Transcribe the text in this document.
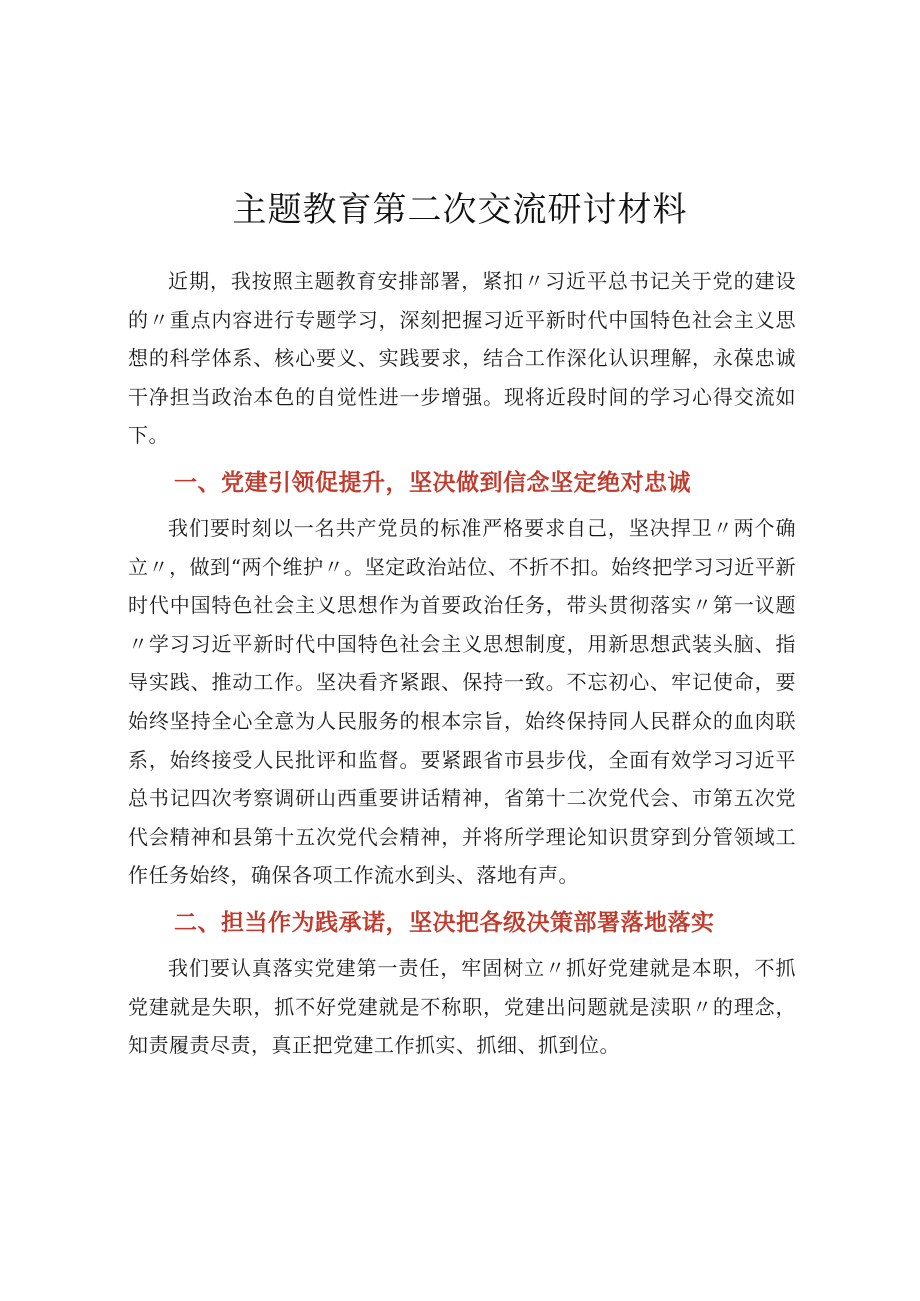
主题教育第二次交流研讨材料

近期，我按照主题教育安排部署，紧扣〃习近平总书记关于党的建设的〃重点内容进行专题学习，深刻把握习近平新时代中国特色社会主义思想的科学体系、核心要义、实践要求，结合工作深化认识理解，永葆忠诚干净担当政治本色的自觉性进一步增强。现将近段时间的学习心得交流如下。

一、党建引领促提升，坚决做到信念坚定绝对忠诚

我们要时刻以一名共产党员的标准严格要求自己，坚决捍卫〃两个确立〃，做到“两个维护〃。坚定政治站位、不折不扣。始终把学习习近平新时代中国特色社会主义思想作为首要政治任务，带头贯彻落实〃第一议题〃学习习近平新时代中国特色社会主义思想制度，用新思想武装头脑、指导实践、推动工作。坚决看齐紧跟、保持一致。不忘初心、牢记使命，要始终坚持全心全意为人民服务的根本宗旨，始终保持同人民群众的血肉联系，始终接受人民批评和监督。要紧跟省市县步伐，全面有效学习习近平总书记四次考察调研山西重要讲话精神，省第十二次党代会、市第五次党代会精神和县第十五次党代会精神，并将所学理论知识贯穿到分管领域工作任务始终，确保各项工作流水到头、落地有声。

二、担当作为践承诺，坚决把各级决策部署落地落实

我们要认真落实党建第一责任，牢固树立〃抓好党建就是本职，不抓党建就是失职，抓不好党建就是不称职，党建出问题就是渎职〃的理念，知责履责尽责，真正把党建工作抓实、抓细、抓到位。
